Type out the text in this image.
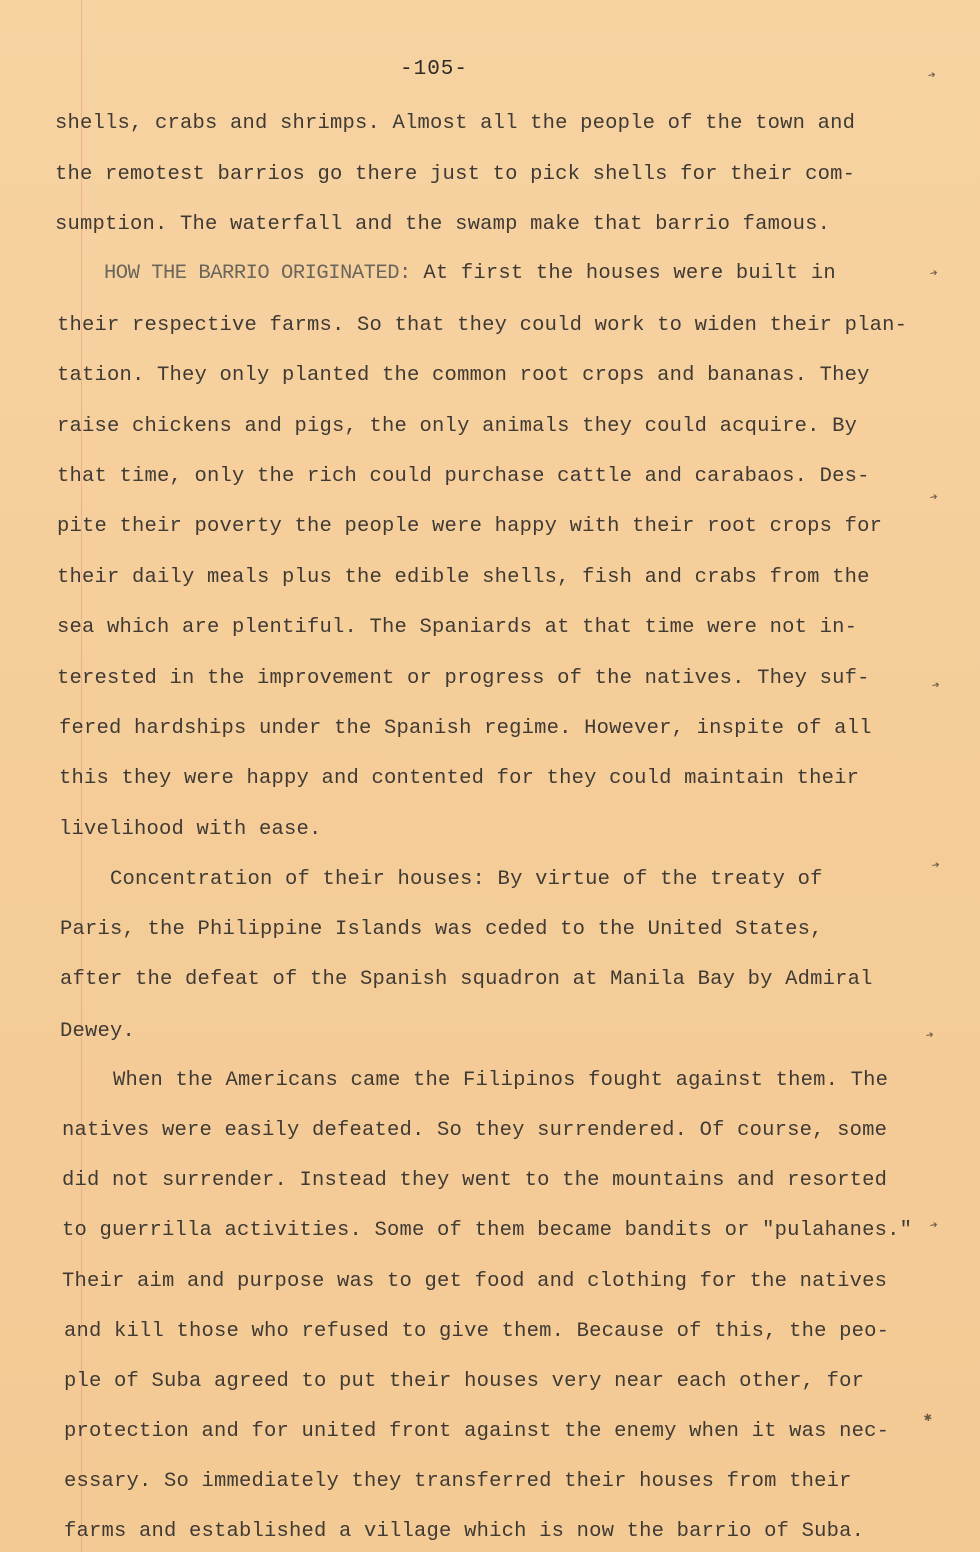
-105-
shells, crabs and shrimps. Almost all the people of the town and
the remotest barrios go there just to pick shells for their com-
sumption. The waterfall and the swamp make that barrio famous.
HOW THE BARRIO ORIGINATED: At first the houses were built in
their respective farms. So that they could work to widen their plan-
tation. They only planted the common root crops and bananas. They
raise chickens and pigs, the only animals they could acquire. By
that time, only the rich could purchase cattle and carabaos. Des-
pite their poverty the people were happy with their root crops for
their daily meals plus the edible shells, fish and crabs from the
sea which are plentiful. The Spaniards at that time were not in-
terested in the improvement or progress of the natives. They suf-
fered hardships under the Spanish regime. However, inspite of all
this they were happy and contented for they could maintain their
livelihood with ease.
Concentration of their houses: By virtue of the treaty of
Paris, the Philippine Islands was ceded to the United States,
after the defeat of the Spanish squadron at Manila Bay by Admiral
Dewey.
When the Americans came the Filipinos fought against them. The
natives were easily defeated. So they surrendered. Of course, some
did not surrender. Instead they went to the mountains and resorted
to guerrilla activities. Some of them became bandits or "pulahanes."
Their aim and purpose was to get food and clothing for the natives
and kill those who refused to give them. Because of this, the peo-
ple of Suba agreed to put their houses very near each other, for
protection and for united front against the enemy when it was nec-
essary. So immediately they transferred their houses from their
farms and established a village which is now the barrio of Suba.
➔
➔
➔
➔
➔
➔
➔
✱
